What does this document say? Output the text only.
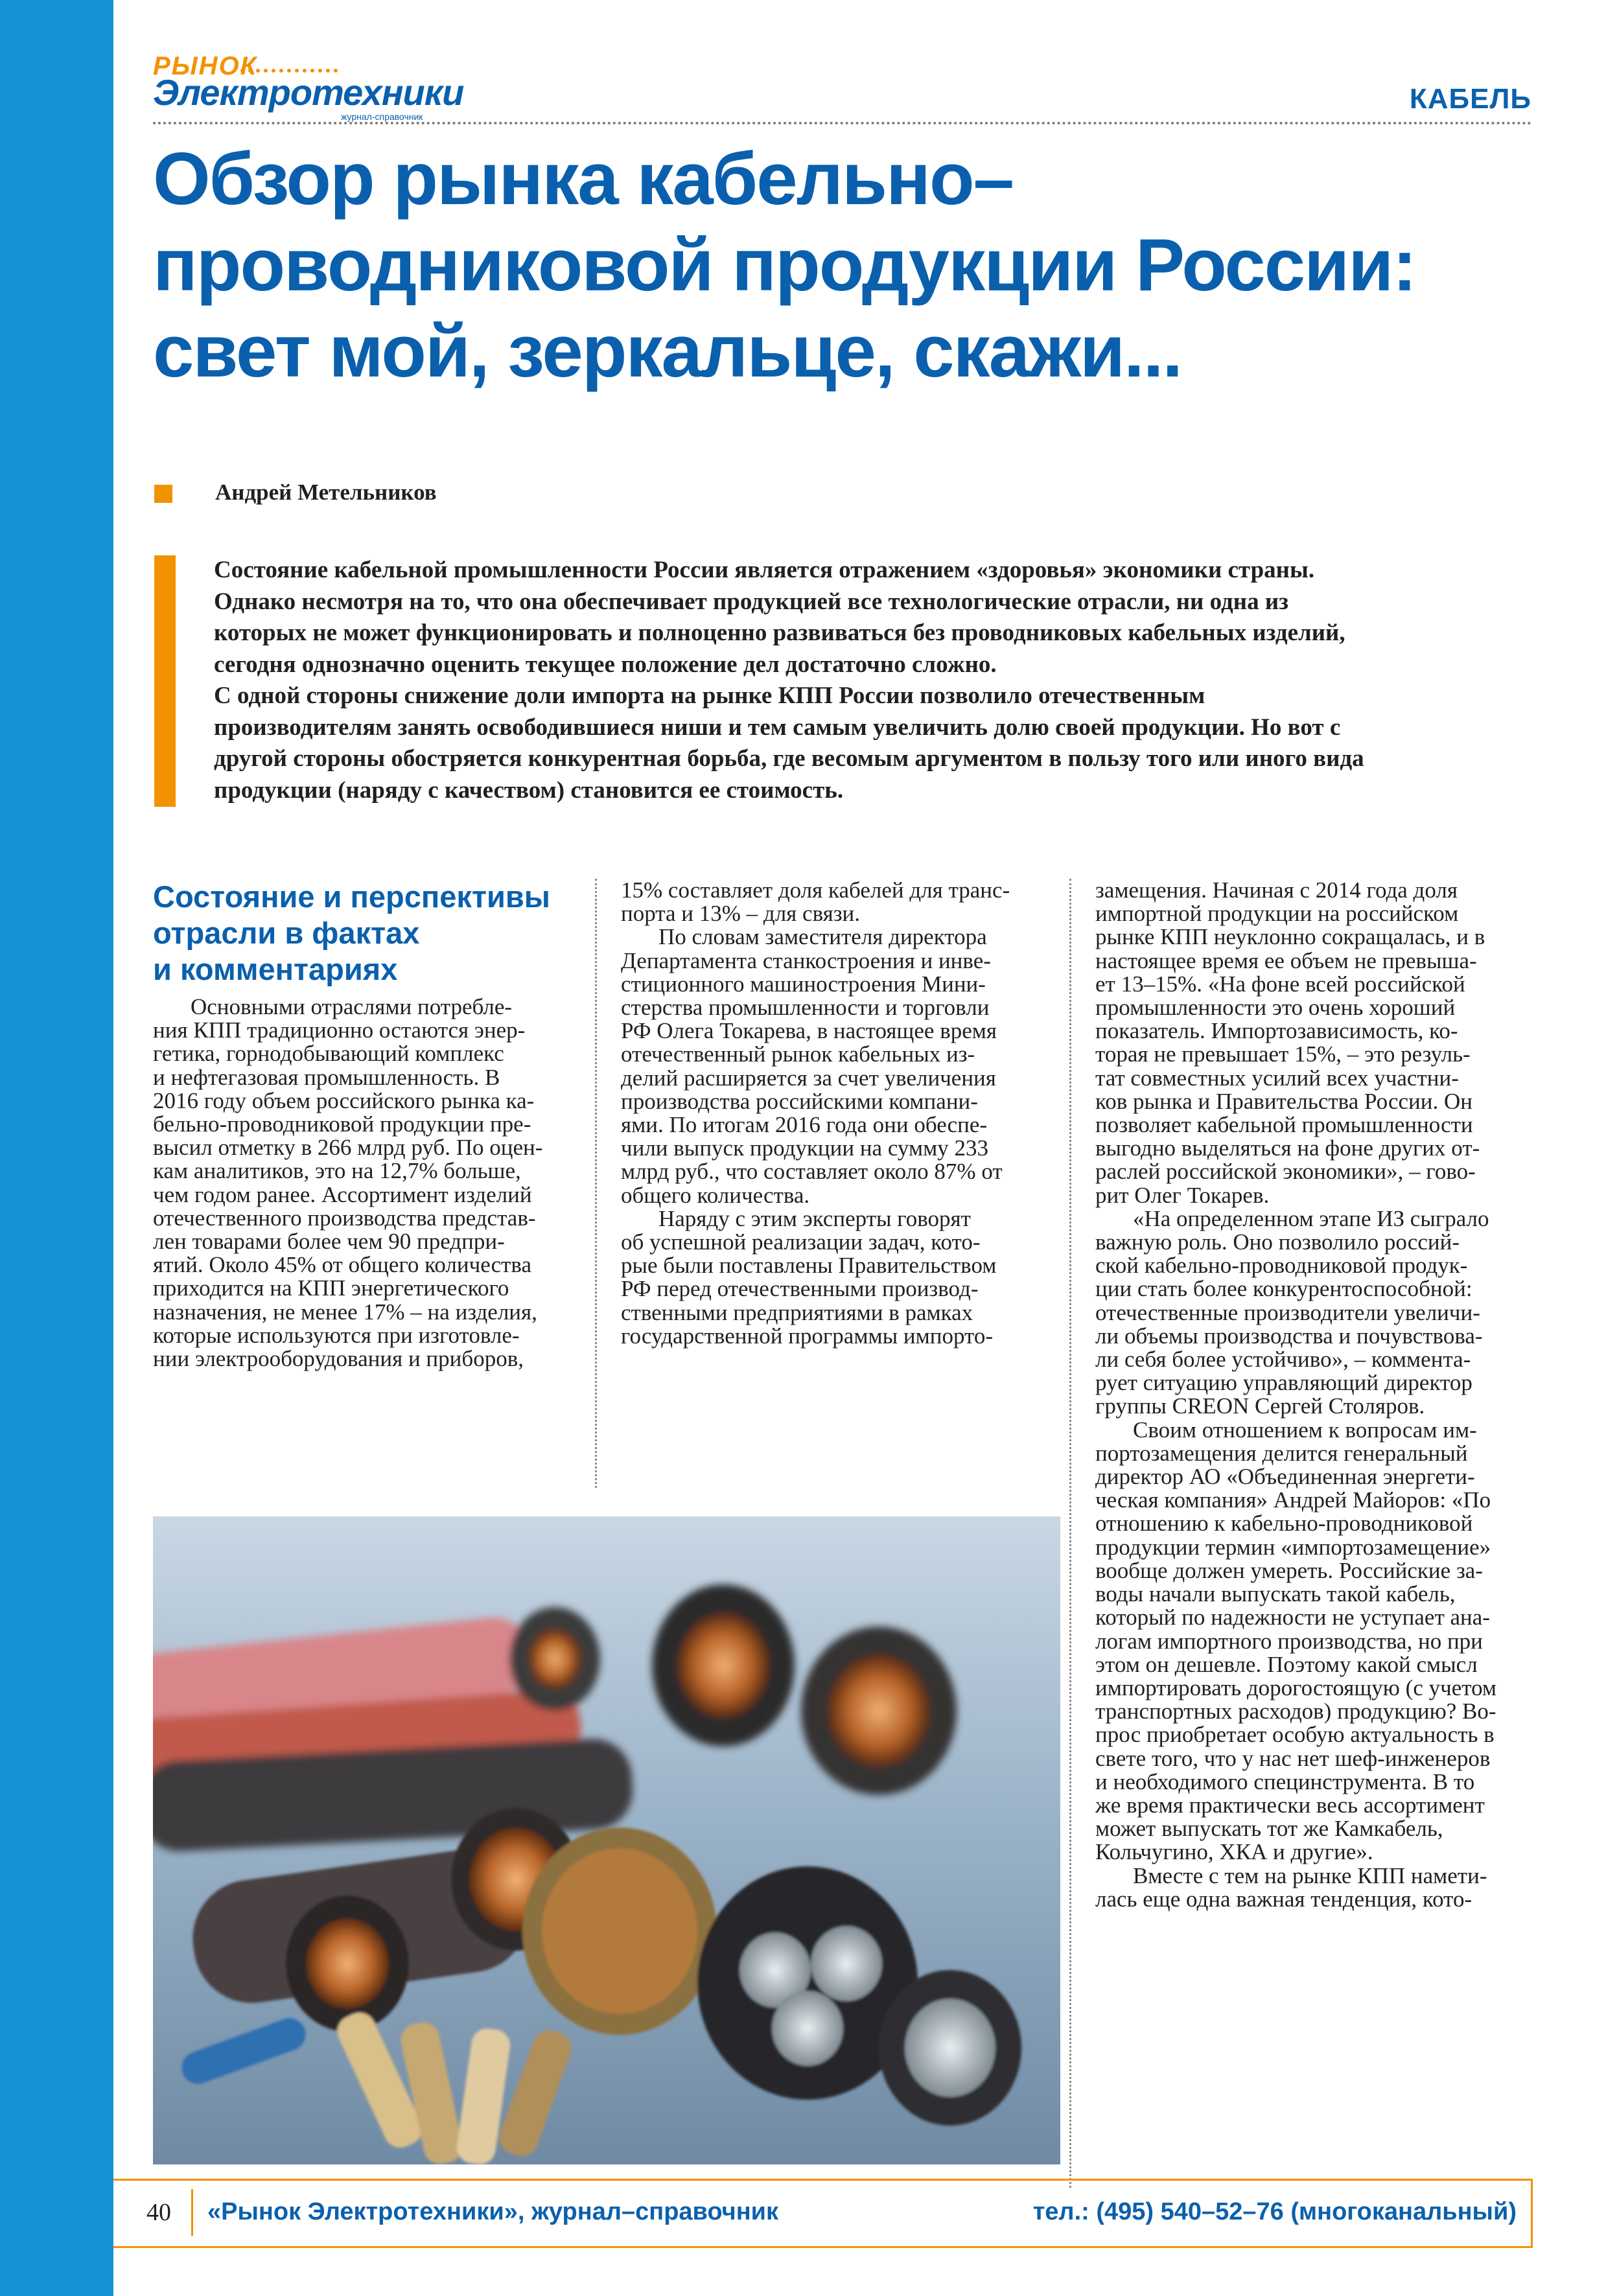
РЫНОК
Электротехники
журнал-справочник
КАБЕЛЬ
Обзор рынка кабельно–
проводниковой продукции России:
свет мой, зеркальце, скажи...
Андрей Метельников

Состояние кабельной промышленности России является отражением «здоровья» экономики страны.
Однако несмотря на то, что она обеспечивает продукцией все технологические отрасли, ни одна из
которых не может функционировать и полноценно развиваться без проводниковых кабельных изделий,
сегодня однозначно оценить текущее положение дел достаточно сложно.

С одной стороны снижение доли импорта на рынке КПП России позволило отечественным
производителям занять освободившиеся ниши и тем самым увеличить долю своей продукции. Но вот с
другой стороны обостряется конкурентная борьба, где весомым аргументом в пользу того или иного вида
продукции (наряду с качеством) становится ее стоимость.

Состояние и перспективы
отрасли в фактах
и комментариях
Основными отраслями потребле-
ния КПП традиционно остаются энер-
гетика, горнодобывающий комплекс
и нефтегазовая промышленность. В
2016 году объем российского рынка ка-
бельно-проводниковой продукции пре-
высил отметку в 266 млрд руб. По оцен-
кам аналитиков, это на 12,7% больше,
чем годом ранее. Ассортимент изделий
отечественного производства представ-
лен товарами более чем 90 предпри-
ятий. Около 45% от общего количества
приходится на КПП энергетического
назначения, не менее 17% – на изделия,
которые используются при изготовле-
нии электрооборудования и приборов,
15% составляет доля кабелей для транс-
порта и 13% – для связи.
По словам заместителя директора
Департамента станкостроения и инве-
стиционного машиностроения Мини-
стерства промышленности и торговли
РФ Олега Токарева, в настоящее время
отечественный рынок кабельных из-
делий расширяется за счет увеличения
производства российскими компани-
ями. По итогам 2016 года они обеспе-
чили выпуск продукции на сумму 233
млрд руб., что составляет около 87% от
общего количества.
Наряду с этим эксперты говорят
об успешной реализации задач, кото-
рые были поставлены Правительством
РФ перед отечественными производ-
ственными предприятиями в рамках
государственной программы импорто-
замещения. Начиная с 2014 года доля
импортной продукции на российском
рынке КПП неуклонно сокращалась, и в
настоящее время ее объем не превыша-
ет 13–15%. «На фоне всей российской
промышленности это очень хороший
показатель. Импортозависимость, ко-
торая не превышает 15%, – это резуль-
тат совместных усилий всех участни-
ков рынка и Правительства России. Он
позволяет кабельной промышленности
выгодно выделяться на фоне других от-
раслей российской экономики», – гово-
рит Олег Токарев.
«На определенном этапе ИЗ сыграло
важную роль. Оно позволило россий-
ской кабельно-проводниковой продук-
ции стать более конкурентоспособной:
отечественные производители увеличи-
ли объемы производства и почувствова-
ли себя более устойчиво», – коммента-
рует ситуацию управляющий директор
группы CREON Сергей Столяров.
Своим отношением к вопросам им-
портозамещения делится генеральный
директор АО «Объединенная энергети-
ческая компания» Андрей Майоров: «По
отношению к кабельно-проводниковой
продукции термин «импортозамещение»
вообще должен умереть. Российские за-
воды начали выпускать такой кабель,
который по надежности не уступает ана-
логам импортного производства, но при
этом он дешевле. Поэтому какой смысл
импортировать дорогостоящую (с учетом
транспортных расходов) продукцию? Во-
прос приобретает особую актуальность в
свете того, что у нас нет шеф-инженеров
и необходимого специнструмента. В то
же время практически весь ассортимент
может выпускать тот же Камкабель,
Кольчугино, ХКА и другие».
Вместе с тем на рынке КПП намети-
лась еще одна важная тенденция, кото-
40	«Рынок Электротехники», журнал–справочник	тел.: (495) 540–52–76 (многоканальный)
